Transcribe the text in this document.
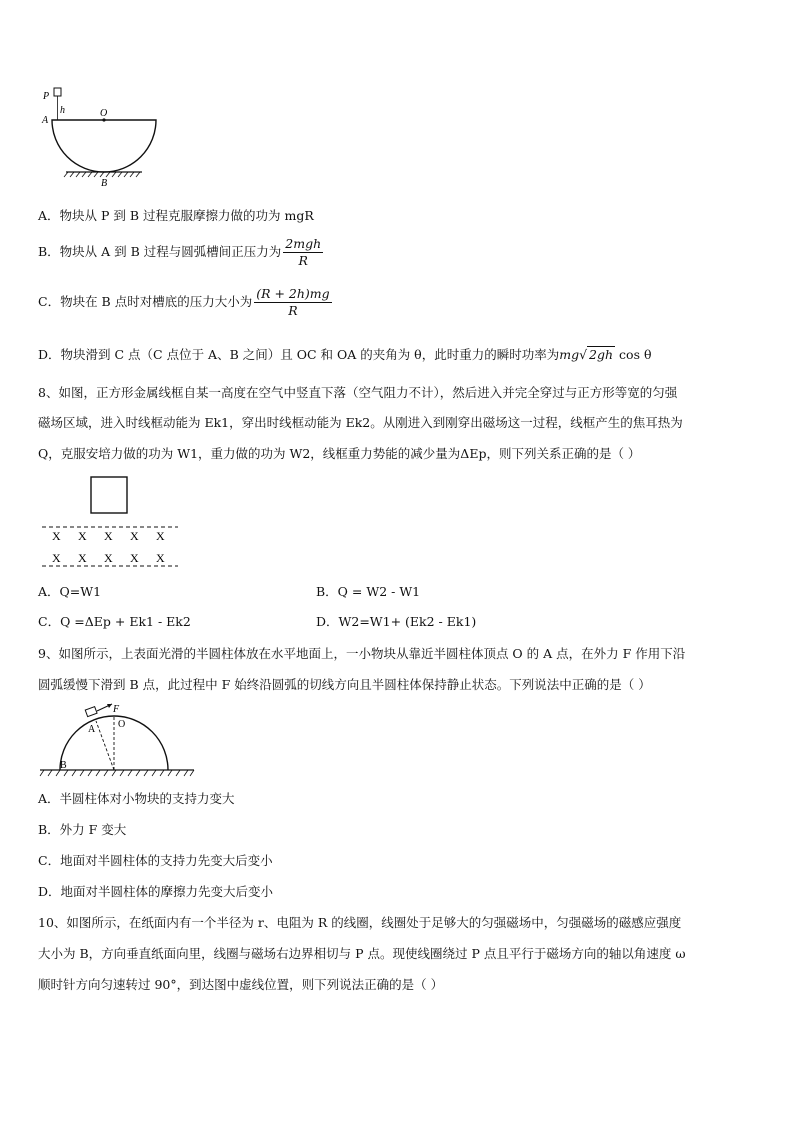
P
h
A
O
B
A．物块从 P 到 B 过程克服摩擦力做的功为 mgR
B．物块从 A 到 B 过程与圆弧槽间正压力为 $\frac{\text{2mgh}}{R}$
C．物块在 B 点时对槽底的压力大小为 $\frac{(R + 2h)mg}{R}$
D．物块滑到 C 点（C 点位于 A、B 之间）且 OC 和 OA 的夹角为 θ，此时重力的瞬时功率为mg√ 2gh cos θ
8、如图，正方形金属线框自某一高度在空气中竖直下落（空气阻力不计），然后进入并完全穿过与正方形等宽的匀强
磁场区域，进入时线框动能为 Ek1，穿出时线框动能为 Ek2。从刚进入到刚穿出磁场这一过程，线框产生的焦耳热为
Q，克服安培力做的功为 W1，重力做的功为 W2，线框重力势能的减少量为ΔEp，则下列关系正确的是（ ）
X X X X X
X X X X X
A．Q=W1	B．Q = W2 - W1
C．Q =ΔEp + Ek1 - Ek2	D．W2=W1+ (Ek2 - Ek1)
9、如图所示，上表面光滑的半圆柱体放在水平地面上，一小物块从靠近半圆柱体顶点 O 的 A 点，在外力 F 作用下沿
圆弧缓慢下滑到 B 点，此过程中 F 始终沿圆弧的切线方向且半圆柱体保持静止状态。下列说法中正确的是（ ）
F
A O
B
A．半圆柱体对小物块的支持力变大
B．外力 F 变大
C．地面对半圆柱体的支持力先变大后变小
D．地面对半圆柱体的摩擦力先变大后变小
10、如图所示，在纸面内有一个半径为 r、电阻为 R 的线圈，线圈处于足够大的匀强磁场中，匀强磁场的磁感应强度
大小为 B，方向垂直纸面向里，线圈与磁场右边界相切与 P 点。现使线圈绕过 P 点且平行于磁场方向的轴以角速度 ω
顺时针方向匀速转过 90°，到达图中虚线位置，则下列说法正确的是（ ）
